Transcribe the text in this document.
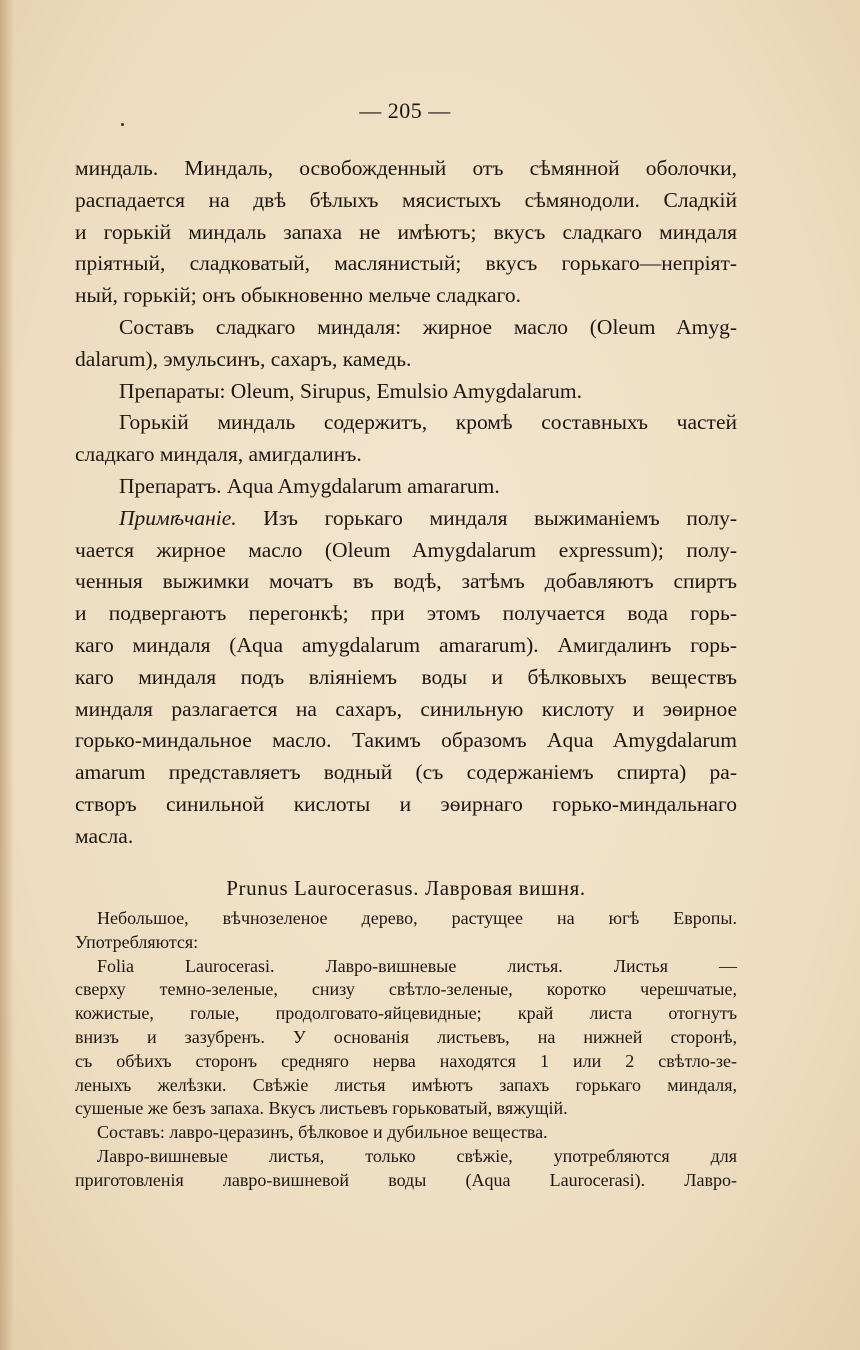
— 205 —
миндаль. Миндаль, освобожденный отъ сѣмянной оболочки,
распадается на двѣ бѣлыхъ мясистыхъ сѣмянодоли. Сладкій
и горькій миндаль запаха не имѣютъ; вкусъ сладкаго миндаля
пріятный, сладковатый, маслянистый; вкусъ горькаго—непріят-
ный, горькій; онъ обыкновенно мельче сладкаго.
Составъ сладкаго миндаля: жирное масло (Oleum Amyg-
dalarum), эмульсинъ, сахаръ, камедь.
Препараты: Oleum, Sirupus, Emulsio Amygdalarum.
Горькій миндаль содержитъ, кромѣ составныхъ частей
сладкаго миндаля, амигдалинъ.
Препаратъ. Aqua Amygdalarum amararum.
Примѣчаніе. Изъ горькаго миндаля выжиманіемъ полу-
чается жирное масло (Oleum Amygdalarum expressum); полу-
ченныя выжимки мочатъ въ водѣ, затѣмъ добавляютъ спиртъ
и подвергаютъ перегонкѣ; при этомъ получается вода горь-
каго миндаля (Aqua amygdalarum amararum). Амигдалинъ горь-
каго миндаля подъ вліяніемъ воды и бѣлковыхъ веществъ
миндаля разлагается на сахаръ, синильную кислоту и эѳирное
горько-миндальное масло. Такимъ образомъ Aqua Amygdalarum
amarum представляетъ водный (съ содержаніемъ спирта) ра-
створъ синильной кислоты и эѳирнаго горько-миндальнаго
масла.
Prunus Laurocerasus. Лавровая вишня.
Небольшое, вѣчнозеленое дерево, растущее на югѣ Европы.
Употребляются:
Folia Laurocerasi. Лавро-вишневые листья. Листья —
сверху темно-зеленые, снизу свѣтло-зеленые, коротко черешчатые,
кожистые, голые, продолговато-яйцевидные; край листа отогнутъ
внизъ и зазубренъ. У основанія листьевъ, на нижней сторонѣ,
съ обѣихъ сторонъ средняго нерва находятся 1 или 2 свѣтло-зе-
леныхъ желѣзки. Свѣжіе листья имѣютъ запахъ горькаго миндаля,
сушеные же безъ запаха. Вкусъ листьевъ горьковатый, вяжущій.
Составъ: лавро-церазинъ, бѣлковое и дубильное вещества.
Лавро-вишневые листья, только свѣжіе, употребляются для
приготовленія лавро-вишневой воды (Aqua Laurocerasi). Лавро-
